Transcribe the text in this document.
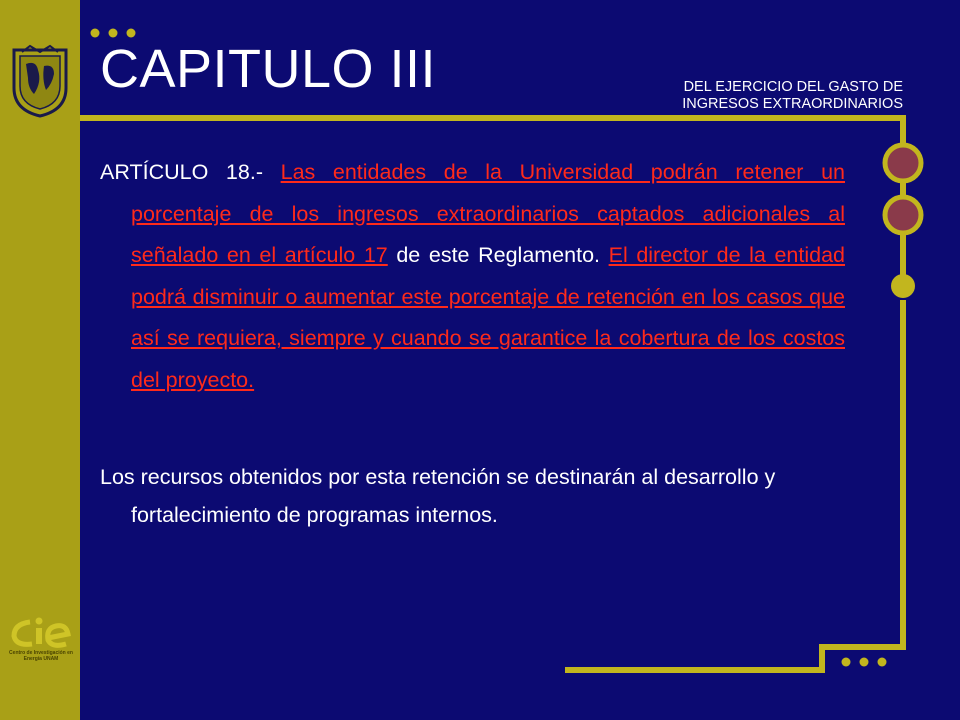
Centro de Investigación en Energía UNAM
CAPITULO III	DEL EJERCICIO DEL GASTO DE
INGRESOS EXTRAORDINARIOS
ARTÍCULO 18.- Las entidades de la Universidad podrán retener un porcentaje de los ingresos extraordinarios captados adicionales al señalado en el artículo 17 de este Reglamento. El director de la entidad podrá disminuir o aumentar este porcentaje de retención en los casos que así se requiera, siempre y cuando se garantice la cobertura de los costos del proyecto.
Los recursos obtenidos por esta retención se destinarán al desarrollo y fortalecimiento de programas internos.
